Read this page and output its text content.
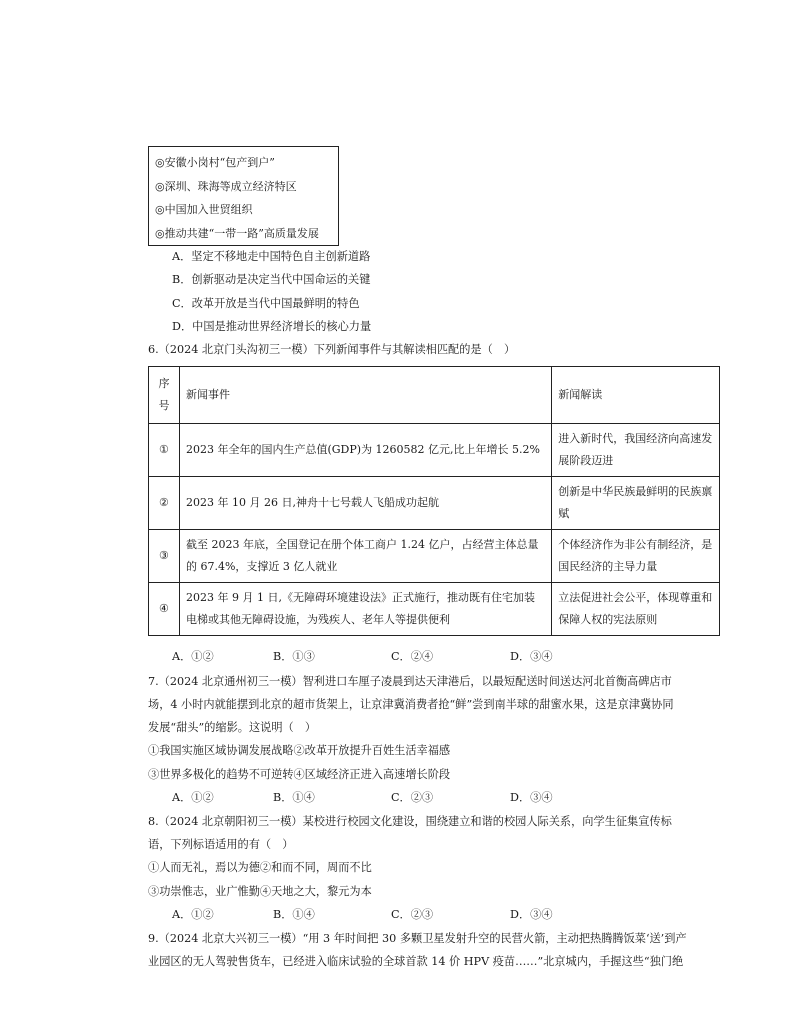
◎安徽小岗村“包产到户”
◎深圳、珠海等成立经济特区
◎中国加入世贸组织
◎推动共建“一带一路”高质量发展
A．坚定不移地走中国特色自主创新道路
B．创新驱动是决定当代中国命运的关键
C．改革开放是当代中国最鲜明的特色
D．中国是推动世界经济增长的核心力量
6.（2024 北京门头沟初三一模）下列新闻事件与其解读相匹配的是（　）
序号	新闻事件	新闻解读
①	2023 年全年的国内生产总值(GDP)为 1260582 亿元,比上年增长 5.2%	进入新时代，我国经济向高速发展阶段迈进
②	2023 年 10 月 26 日,神舟十七号载人飞船成功起航	创新是中华民族最鲜明的民族禀赋
③	截至 2023 年底，全国登记在册个体工商户 1.24 亿户，占经营主体总量的 67.4%，支撑近 3 亿人就业	个体经济作为非公有制经济，是国民经济的主导力量
④	2023 年 9 月 1 日,《无障碍环境建设法》正式施行，推动既有住宅加装电梯或其他无障碍设施，为残疾人、老年人等提供便利	立法促进社会公平，体现尊重和保障人权的宪法原则
A．①②	B．①③	C．②④	D．③④
7.（2024 北京通州初三一模）智利进口车厘子凌晨到达天津港后，以最短配送时间送达河北首衡高碑店市
场，4 小时内就能摆到北京的超市货架上，让京津冀消费者抢“鲜”尝到南半球的甜蜜水果，这是京津冀协同
发展“甜头”的缩影。这说明（　）
①我国实施区域协调发展战略②改革开放提升百姓生活幸福感
③世界多极化的趋势不可逆转④区域经济正进入高速增长阶段
A．①②	B．①④	C．②③	D．③④
8.（2024 北京朝阳初三一模）某校进行校园文化建设，围绕建立和谐的校园人际关系，向学生征集宣传标
语，下列标语适用的有（　）
①人而无礼，焉以为德②和而不同，周而不比
③功崇惟志，业广惟勤④天地之大，黎元为本
A．①②	B．①④	C．②③	D．③④
9.（2024 北京大兴初三一模）“用 3 年时间把 30 多颗卫星发射升空的民营火箭，主动把热腾腾饭菜‘送’到产
业园区的无人驾驶售货车，已经进入临床试验的全球首款 14 价 HPV 疫苗……”北京城内，手握这些“独门绝
